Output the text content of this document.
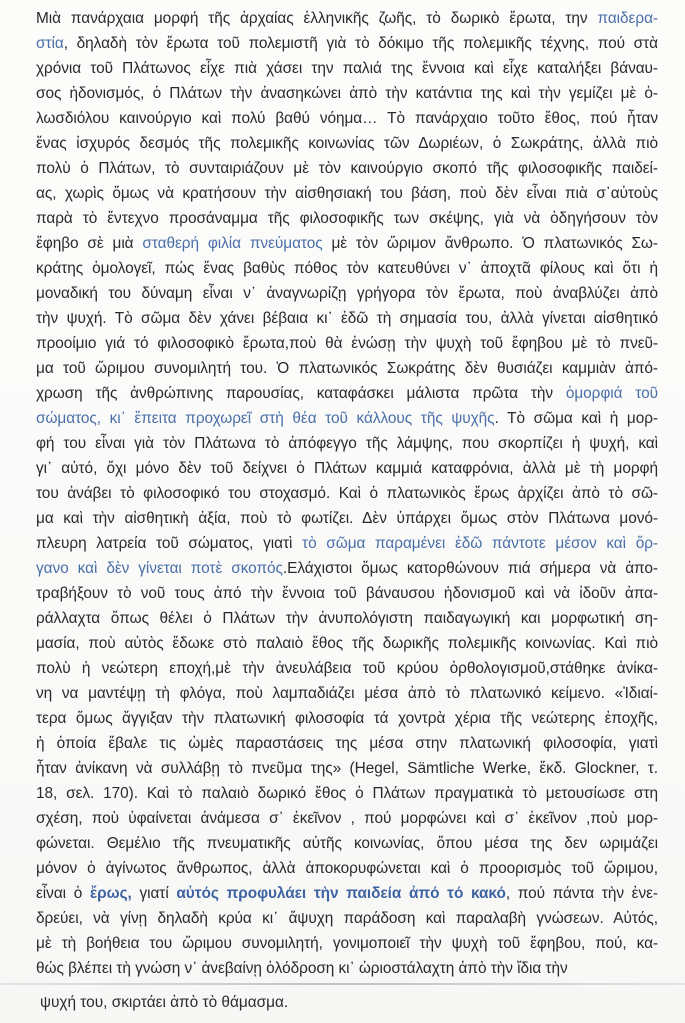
Μιὰ πανάρχαια μορφή τῆς ἀρχαίας ἑλληνικῆς ζωῆς, τὸ δωρικὸ ἔρωτα, την παιδερα-
στία, δηλαδὴ τὸν ἔρωτα τοῦ πολεμιστῆ γιὰ τὸ δόκιμο τῆς πολεμικῆς τέχνης, πού στὰ
χρόνια τοῦ Πλάτωνος εἶχε πιὰ χάσει την παλιά της ἔννοια καὶ εἶχε καταλήξει βάναυ-
σος ἡδονισμός, ὁ Πλάτων τὴν ἀνασηκώνει ἀπὸ τὴν κατάντια της καὶ τὴν γεμίζει μὲ ὁ-
λωσδιόλου καινούργιο καὶ πολύ βαθύ νόημα… Τὸ πανάρχαιο τοῦτο ἔθος, πού ἦταν
ἕνας ἰσχυρός δεσμός τῆς πολεμικῆς κοινωνίας τῶν Δωριέων, ὁ Σωκράτης, ἀλλὰ πιὸ
πολὺ ὁ Πλάτων, τὸ συνταιριάζουν μὲ τὸν καινούργιο σκοπό τῆς φιλοσοφικῆς παιδεί-
ας, χωρὶς ὅμως νὰ κρατήσουν τὴν αἰσθησιακή του βάση, ποὺ δὲν εἶναι πιὰ σ᾽αὐτοὺς
παρὰ τὸ ἔντεχνο προσάναμμα τῆς φιλοσοφικῆς των σκέψης, γιὰ νὰ ὁδηγήσουν τὸν
ἔφηβο σὲ μιὰ σταθερή φιλία πνεύματος μὲ τὸν ὥριμον ἄνθρωπο. Ὁ πλατωνικός Σω-
κράτης ὁμολογεῖ, πώς ἕνας βαθὺς πόθος τὸν κατευθύνει ν᾽ ἀποχτᾶ φίλους καὶ ὅτι ἡ
μοναδική του δύναμη εἶναι ν᾽ ἀναγνωρίζῃ γρήγορα τὸν ἔρωτα, ποὺ ἀναβλύζει ἀπὸ
τὴν ψυχή. Τὸ σῶμα δὲν χάνει βέβαια κι᾽ ἐδῶ τὴ σημασία του, ἀλλὰ γίνεται αἰσθητικό
προοίμιο γιά τό φιλοσοφικὸ ἔρωτα,ποὺ θὰ ἑνώσῃ τὴν ψυχὴ τοῦ ἔφηβου μὲ τὸ πνεῦ-
μα τοῦ ὥριμου συνομιλητή του. Ὁ πλατωνικός Σωκράτης δὲν θυσιάζει καμμιὰν ἀπό-
χρωση τῆς ἀνθρώπινης παρουσίας, καταφάσκει μάλιστα πρῶτα τὴν ὁμορφιά τοῦ
σώματος, κι᾽ ἔπειτα προχωρεῖ στὴ θέα τοῦ κάλλους τῆς ψυχῆς. Τὸ σῶμα καὶ ἡ μορ-
φή του εἶναι γιὰ τὸν Πλάτωνα τὸ ἀπόφεγγο τῆς λάμψης, που σκορπίζει ἡ ψυχή, καὶ
γι᾽ αὐτό, ὄχι μόνο δὲν τοῦ δείχνει ὁ Πλάτων καμμιά καταφρόνια, ἀλλὰ μὲ τὴ μορφή
του ἀνάβει τὸ φιλοσοφικό του στοχασμό. Καὶ ὁ πλατωνικὸς ἔρως ἀρχίζει ἀπὸ τὸ σῶ-
μα καὶ τὴν αἰσθητικὴ ἀξία, ποὺ τὸ φωτίζει. Δὲν ὑπάρχει ὅμως στὸν Πλάτωνα μονό-
πλευρη λατρεία τοῦ σώματος, γιατὶ τὸ σῶμα παραμένει ἐδῶ πάντοτε μέσον καὶ ὄρ-
γανο καὶ δὲν γίνεται ποτὲ σκοπός.Ελάχιστοι ὅμως κατορθώνουν πιά σήμερα νὰ ἀπο-
τραβήξουν τὸ νοῦ τους ἀπό τὴν ἔννοια τοῦ βάναυσου ἡδονισμοῦ καὶ νὰ ἰδοῦν ἀπα-
ράλλαχτα ὅπως θέλει ὁ Πλάτων τὴν ἀνυπολόγιστη παιδαγωγική και μορφωτική ση-
μασία, ποὺ αὐτὸς ἔδωκε στὸ παλαιὸ ἔθος τῆς δωρικῆς πολεμικῆς κοινωνίας. Καὶ πιὸ
πολὺ ἡ νεώτερη εποχή,μὲ τὴν ἀνευλάβεια τοῦ κρύου ὀρθολογισμοῦ,στάθηκε ἀνίκα-
νη να μαντέψῃ τὴ φλόγα, ποὺ λαμπαδιάζει μέσα ἀπὸ τὸ πλατωνικό κείμενο. «Ἰδιαί-
τερα ὅμως ἄγγιξαν τὴν πλατωνική φιλοσοφία τά χοντρὰ χέρια τῆς νεώτερης ἐποχῆς,
ἡ ὁποία ἔβαλε τις ὠμὲς παραστάσεις της μέσα στην πλατωνική φιλοσοφία, γιατὶ
ἦταν ἀνίκανη νὰ συλλάβῃ τὸ πνεῦμα της» (Hegel, Sämtliche Werke, ἔκδ. Glockner, τ.
18, σελ. 170). Καὶ τὸ παλαιὸ δωρικό ἔθος ὁ Πλάτων πραγματικὰ τὸ μετουσίωσε στη
σχέση, ποὺ ὑφαίνεται ἀνάμεσα σ᾽ ἐκεῖνον , πού μορφώνει καὶ σ᾽ ἐκεῖνον ,ποὺ μορ-
φώνεται. Θεμέλιο τῆς πνευματικῆς αὐτῆς κοινωνίας, ὅπου μέσα της δεν ωριμάζει
μόνον ὁ ἀγίνωτος ἄνθρωπος, ἀλλὰ ἀποκορυφώνεται καὶ ὁ προορισμὸς τοῦ ὥριμου,
εἶναι ὁ ἔρως, γιατί αὐτός προφυλάει τὴν παιδεία ἀπό τό κακό, πού πάντα τὴν ἐνε-
δρεύει, νὰ γίνῃ δηλαδὴ κρύα κι᾽ ἄψυχη παράδοση καὶ παραλαβὴ γνώσεων. Αὐτός,
μὲ τὴ βοήθεια του ὥριμου συνομιλητή, γονιμοποιεῖ τὴν ψυχὴ τοῦ ἔφηβου, πού, κα-
θώς βλέπει τὴ γνώση ν᾽ ἀνεβαίνῃ ὁλόδροση κι᾽ ὡριοστάλαχτη ἀπὸ τὴν ἴδια τὴν
ψυχή του, σκιρτάει ἀπὸ τὸ θάμασμα.
